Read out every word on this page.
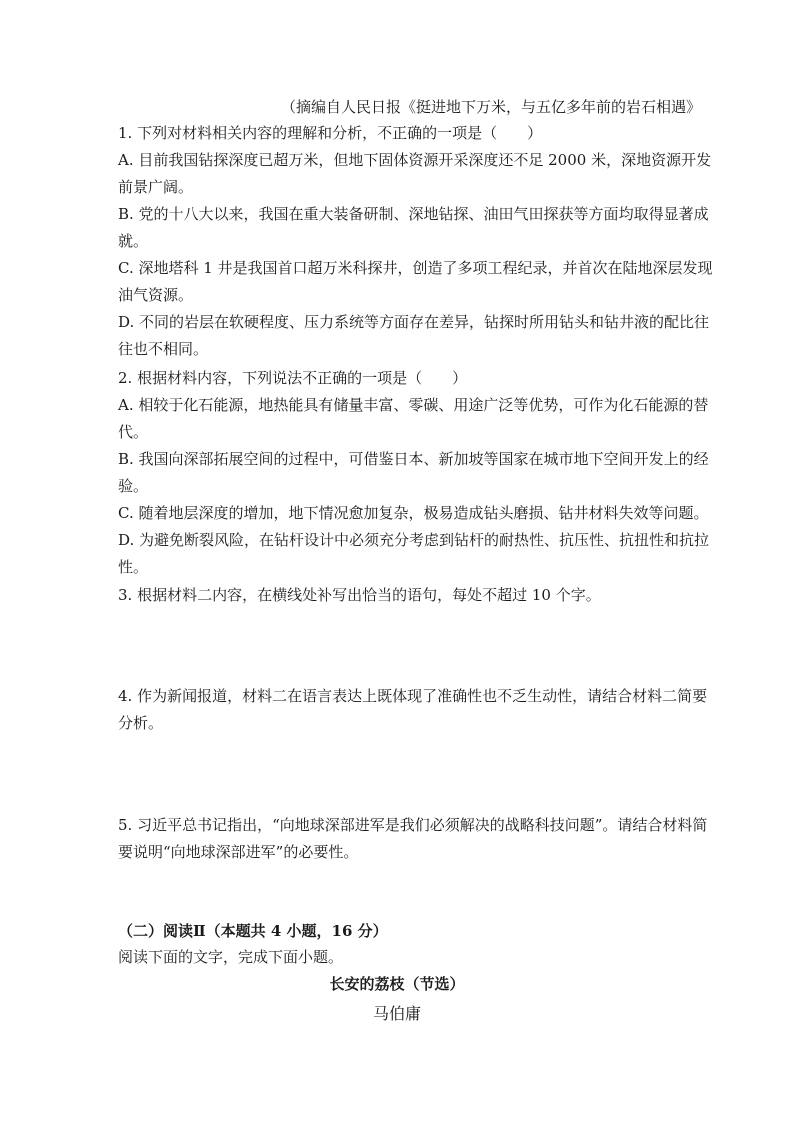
（摘编自人民日报《挺进地下万米，与五亿多年前的岩石相遇》
1. 下列对材料相关内容的理解和分析，不正确的一项是（　　）
A. 目前我国钻探深度已超万米，但地下固体资源开采深度还不足 2000 米，深地资源开发
前景广阔。
B. 党的十八大以来，我国在重大装备研制、深地钻探、油田气田探获等方面均取得显著成
就。
C. 深地塔科 1 井是我国首口超万米科探井，创造了多项工程纪录，并首次在陆地深层发现
油气资源。
D. 不同的岩层在软硬程度、压力系统等方面存在差异，钻探时所用钻头和钻井液的配比往
往也不相同。
2. 根据材料内容，下列说法不正确的一项是（　　）
A. 相较于化石能源，地热能具有储量丰富、零碳、用途广泛等优势，可作为化石能源的替
代。
B. 我国向深部拓展空间的过程中，可借鉴日本、新加坡等国家在城市地下空间开发上的经
验。
C. 随着地层深度的增加，地下情况愈加复杂，极易造成钻头磨损、钻井材料失效等问题。
D. 为避免断裂风险，在钻杆设计中必须充分考虑到钻杆的耐热性、抗压性、抗扭性和抗拉
性。
3. 根据材料二内容，在横线处补写出恰当的语句，每处不超过 10 个字。
4. 作为新闻报道，材料二在语言表达上既体现了准确性也不乏生动性，请结合材料二简要
分析。
5. 习近平总书记指出，“向地球深部进军是我们必须解决的战略科技问题”。请结合材料简
要说明“向地球深部进军”的必要性。
（二）阅读Ⅱ（本题共 4 小题，16 分）
阅读下面的文字，完成下面小题。
长安的荔枝（节选）
马伯庸
